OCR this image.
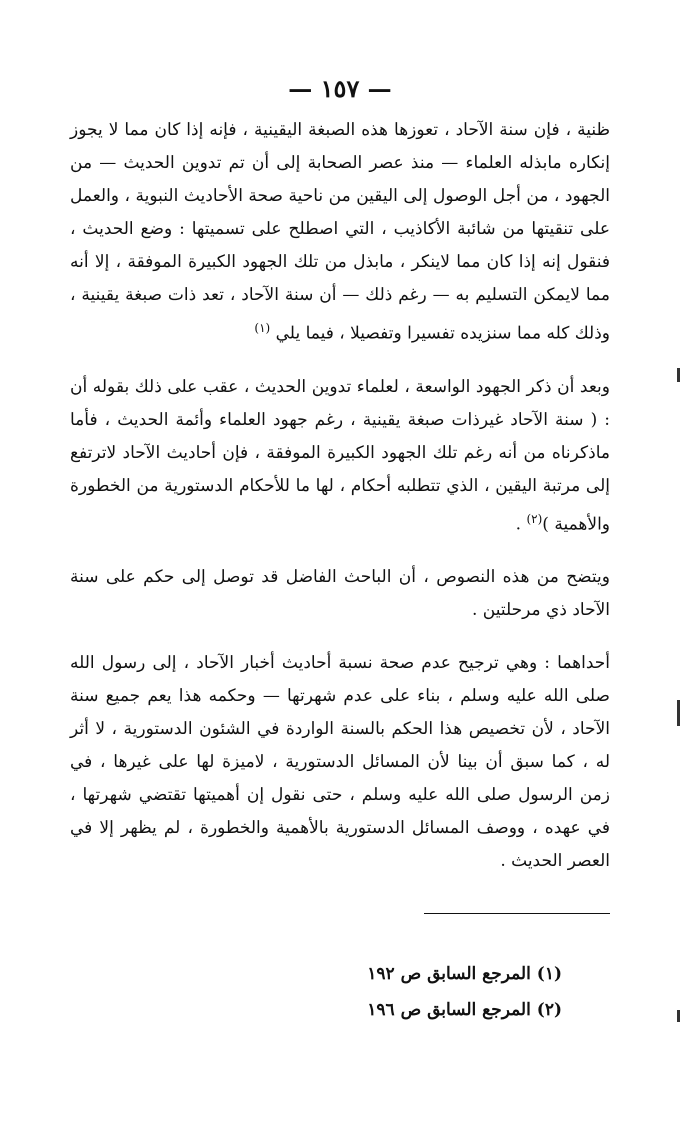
— ١٥٧ —

ظنية ، فإن سنة الآحاد ، تعوزها هذه الصبغة اليقينية ، فإنه إذا كان مما لا يجوز إنكاره مابذله العلماء — منذ عصر الصحابة إلى أن تم تدوين الحديث — من الجهود ، من أجل الوصول إلى اليقين من ناحية صحة الأحاديث النبوية ، والعمل على تنقيتها من شائبة الأكاذيب ، التي اصطلح على تسميتها : وضع الحديث ، فنقول إنه إذا كان مما لاينكر ، مابذل من تلك الجهود الكبيرة الموفقة ، إلا أنه مما لايمكن التسليم به — رغم ذلك — أن سنة الآحاد ، تعد ذات صبغة يقينية ، وذلك كله مما سنزيده تفسيرا وتفصيلا ، فيما يلي $^{(١)}$

وبعد أن ذكر الجهود الواسعة ، لعلماء تدوين الحديث ، عقب على ذلك بقوله أن : ( سنة الآحاد غيرذات صبغة يقينية ، رغم جهود العلماء وأئمة الحديث ، فأما ماذكرناه من أنه رغم تلك الجهود الكبيرة الموفقة ، فإن أحاديث الآحاد لاترتفع إلى مرتبة اليقين ، الذي تتطلبه أحكام ، لها ما للأحكام الدستورية من الخطورة والأهمية )$^{(٢)}$ .

ويتضح من هذه النصوص ، أن الباحث الفاضل قد توصل إلى حكم على سنة الآحاد ذي مرحلتين .

أحداهما : وهي ترجيح عدم صحة نسبة أحاديث أخبار الآحاد ، إلى رسول الله صلى الله عليه وسلم ، بناء على عدم شهرتها — وحكمه هذا يعم جميع سنة الآحاد ، لأن تخصيص هذا الحكم بالسنة الواردة في الشئون الدستورية ، لا أثر له ، كما سبق أن بينا لأن المسائل الدستورية ، لاميزة لها على غيرها ، في زمن الرسول صلى الله عليه وسلم ، حتى نقول إن أهميتها تقتضي شهرتها ، في عهده ، ووصف المسائل الدستورية بالأهمية والخطورة ، لم يظهر إلا في العصر الحديث .

(١) المرجع السابق ص ١٩٢

(٢) المرجع السابق ص ١٩٦
